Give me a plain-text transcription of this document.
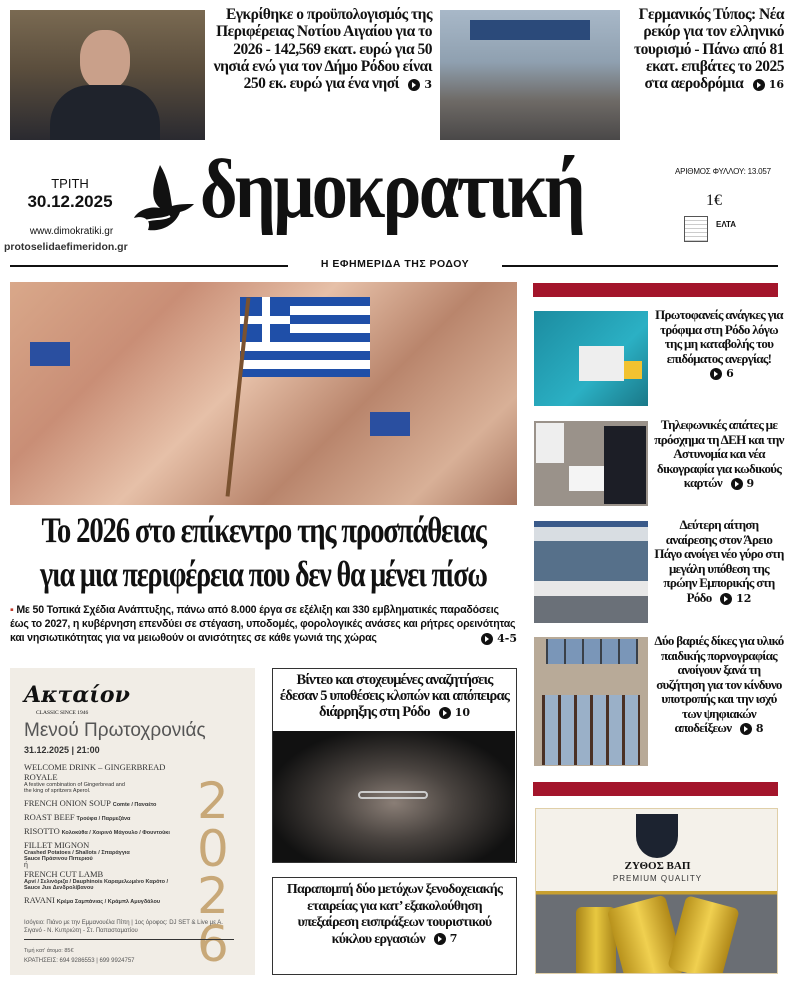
Εγκρίθηκε ο προϋπολογισμός της Περιφέρειας Νοτίου Αιγαίου για το 2026 - 142,569 εκατ. ευρώ για 50 νησιά ενώ για τον Δήμο Ρόδου είναι 250 εκ. ευρώ για ένα νησί 3
Γερμανικός Τύπος: Νέα ρεκόρ για τον ελληνικό τουρισμό - Πάνω από 81 εκατ. επιβάτες το 2025 στα αεροδρόμια 16
ΤΡΙΤΗ
30.12.2025
www.dimokratiki.gr
protoselidaefimeridon.gr
δημοκρατική	ΑΡΙΘΜΟΣ ΦΥΛΛΟΥ: 13.057
1€
ΕΛΤΑ
Η ΕΦΗΜΕΡΙΔΑ ΤΗΣ ΡΟΔΟΥ
Το 2026 στο επίκεντρο της προσπάθειας
για μια περιφέρεια που δεν θα μένει πίσω
▪ Με 50 Τοπικά Σχέδια Ανάπτυξης, πάνω από 8.000 έργα σε εξέλιξη και 330 εμβληματικές παραδόσεις έως το 2027, η κυβέρνηση επενδύει σε στέγαση, υποδομές, φορολογικές ανάσες και ρήτρες ορεινότητας και νησιωτικότητας για να μειωθούν οι ανισότητες σε κάθε γωνιά της χώρας	4-5
Ακταίον
CLASSIC SINCE 1946
Μενού Πρωτοχρονιάς
31.12.2025 | 21:00
WELCOME DRINK – GINGERBREAD ROYALE
A festive combination of Gingerbread and the king of spritzers Aperol.
FRENCH ONION SOUP Comte / Παναέτο
ROAST BEEF Τρούφα / Παρμεζάνα
RISOTTO Κολοκύθα / Χοιρινό Μάγουλο / Φουντούκι
FILLET MIGNON
Crashed Potatoes / Shallots / Σπαράγγια Sauce Πράσινου Πιπεριού
ή
FRENCH CUT LAMB
Αρνί / Σελινόριζα / Dauphinois Καραμελωμένο Καρότο / Sauce Jus Δενδρολίβανου
RAVANI Κρέμα Σαμπάνιας / Κράμπλ Αμυγδάλου
2026
Ισόγειο: Πιάνο με την Εμμανουέλα Πίπη | 1ος όροφος: DJ SET & Live με Α. Σιγανό - Ν. Κυπριώτη - Στ. Παπασταματίου
Τιμή κατ' άτομο: 85€
ΚΡΑΤΗΣΕΙΣ: 694 9286553 | 699 9924757
Βίντεο και στοχευμένες αναζητήσεις έδεσαν 5 υποθέσεις κλοπών και απόπειρας διάρρηξης στη Ρόδο 10
Παραπομπή δύο μετόχων ξενοδοχειακής εταιρείας για κατ’ εξακολούθηση υπεξαίρεση εισπράξεων τουριστικού κύκλου εργασιών 7
Πρωτοφανείς ανάγκες για τρόφιμα στη Ρόδο λόγω της μη καταβολής του επιδόματος ανεργίας!
6
Τηλεφωνικές απάτες με πρόσχημα τη ΔΕΗ και την Αστυνομία και νέα δικογραφία για κωδικούς καρτών 9
Δεύτερη αίτηση αναίρεσης στον Άρειο Πάγο ανοίγει νέο γύρο στη μεγάλη υπόθεση της πρώην Εμπορικής στη Ρόδο 12
Δύο βαριές δίκες για υλικό παιδικής πορνογραφίας ανοίγουν ξανά τη συζήτηση για τον κίνδυνο υποτροπής και την ισχύ των ψηφιακών αποδείξεων 8
ΖΥΘΟΣ ΒΑΠ
PREMIUM QUALITY
